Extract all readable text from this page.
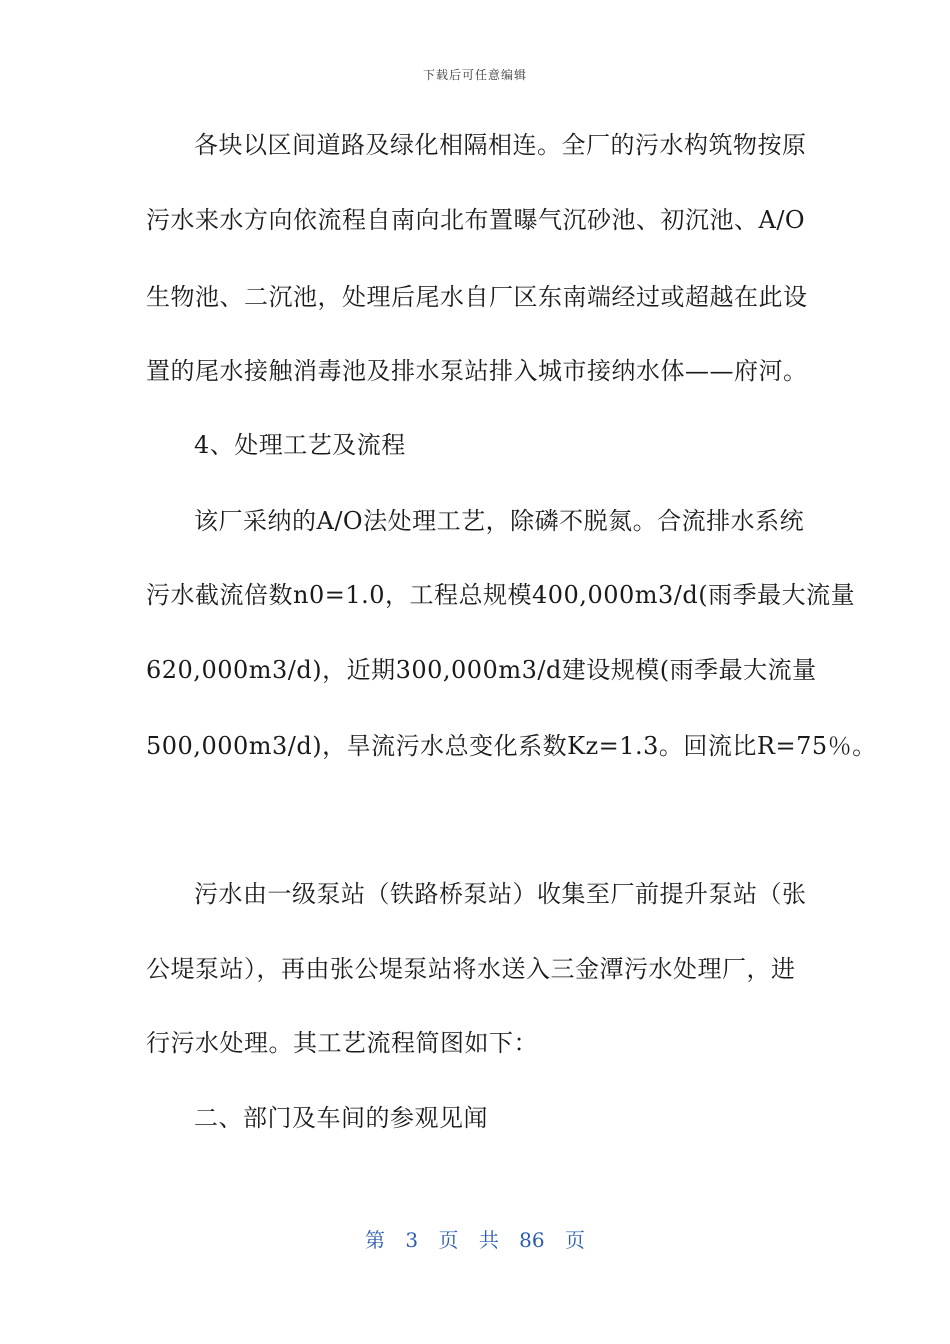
下载后可任意编辑
各块以区间道路及绿化相隔相连。全厂的污水构筑物按原
污水来水方向依流程自南向北布置曝气沉砂池、初沉池、A/O
生物池、二沉池，处理后尾水自厂区东南端经过或超越在此设
置的尾水接触消毒池及排水泵站排入城市接纳水体——府河。
4、处理工艺及流程
该厂采纳的A/O法处理工艺，除磷不脱氮。合流排水系统
污水截流倍数n0=1.0，工程总规模400,000m3/d(雨季最大流量
620,000m3/d)，近期300,000m3/d建设规模(雨季最大流量
500,000m3/d)，旱流污水总变化系数Kz=1.3。回流比R=75％。
污水由一级泵站（铁路桥泵站）收集至厂前提升泵站（张
公堤泵站），再由张公堤泵站将水送入三金潭污水处理厂，进
行污水处理。其工艺流程简图如下：
二、部门及车间的参观见闻
第 3 页 共 86 页
